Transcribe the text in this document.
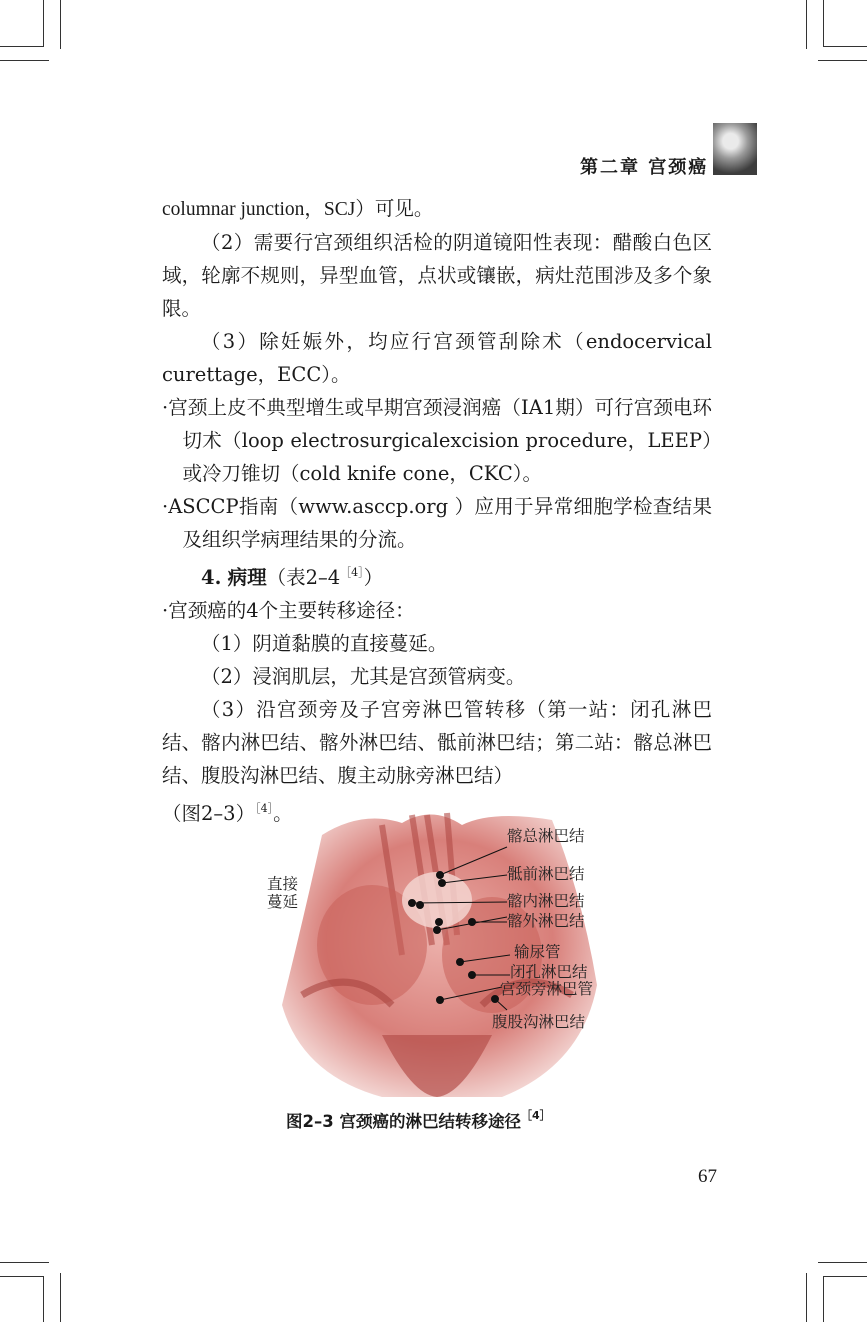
第二章 宫颈癌

columnar junction，SCJ）可见。

（2）需要行宫颈组织活检的阴道镜阳性表现：醋酸白色区域，轮廓不规则，异型血管，点状或镶嵌，病灶范围涉及多个象限。

（3）除妊娠外，均应行宫颈管刮除术（endocervical curettage，ECC）。

·宫颈上皮不典型增生或早期宫颈浸润癌（ⅠA1期）可行宫颈电环切术（loop electrosurgicalexcision procedure，LEEP）或冷刀锥切（cold knife cone，CKC）。

·ASCCP指南（www.asccp.org ）应用于异常细胞学检查结果及组织学病理结果的分流。

4. 病理（表2–4$^{[4]}$）

·宫颈癌的4个主要转移途径：

（1）阴道黏膜的直接蔓延。

（2）浸润肌层，尤其是宫颈管病变。

（3）沿宫颈旁及子宫旁淋巴管转移（第一站：闭孔淋巴结、髂内淋巴结、髂外淋巴结、骶前淋巴结；第二站：髂总淋巴结、腹股沟淋巴结、腹主动脉旁淋巴结）

（图2–3）$^{[4]}$。

直接
蔓延
髂总淋巴结
骶前淋巴结
髂内淋巴结
髂外淋巴结
输尿管
闭孔淋巴结
宫颈旁淋巴管
腹股沟淋巴结
图2–3 宫颈癌的淋巴结转移途径$^{[4]}$
67
